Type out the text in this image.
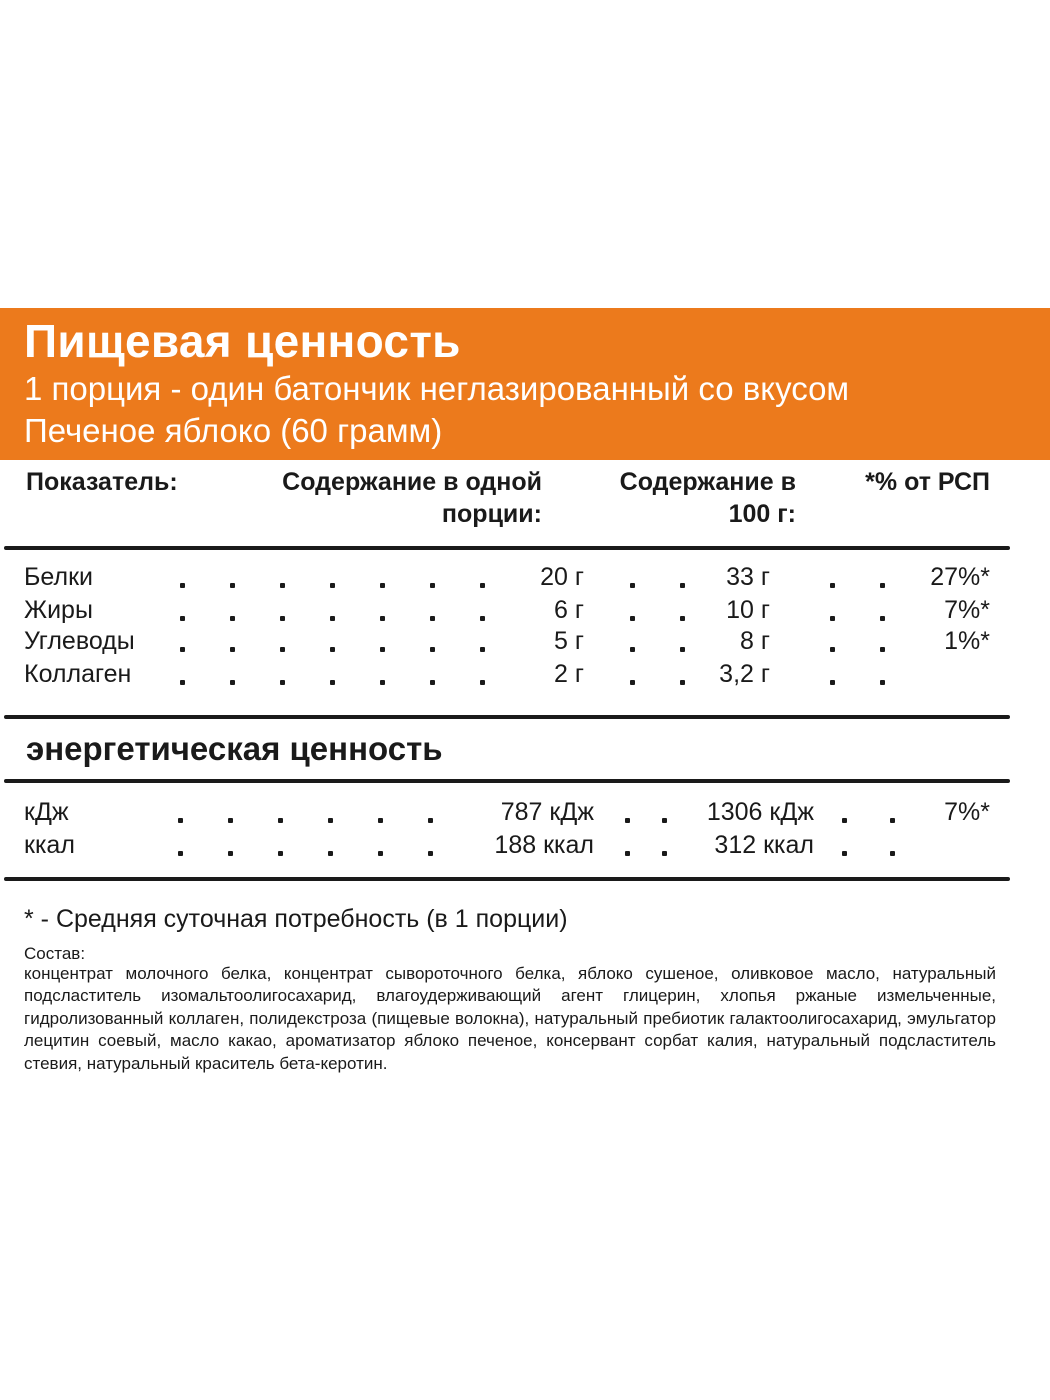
Пищевая ценность
1 порция - один батончик неглазированный со вкусом
Печеное яблоко (60 грамм)
Показатель:	Содержание в одной
порции:
Содержание в
100 г:
*% от РСП
Белки	20 г	33 г	27%*
Жиры	6 г	10 г	7%*
Углеводы	5 г	8 г	1%*
Коллаген	2 г	3,2 г
энергетическая ценность
кДж	787 кДж	1306 кДж	7%*
ккал	188 ккал	312 ккал
* - Средняя суточная потребность (в 1 порции)
Состав:
концентрат молочного белка, концентрат сывороточного белка, яблоко сушеное, оливковое масло, натуральный подсластитель изомальтоолигосахарид, влагоудерживающий агент глицерин, хлопья ржаные измельченные, гидролизованный коллаген, полидекстроза (пищевые волокна), натуральный пребиотик галактоолигосахарид, эмульгатор лецитин соевый, масло какао, ароматизатор яблоко печеное, консервант сорбат калия, натуральный подсластитель стевия, натуральный краситель бета-керотин.
